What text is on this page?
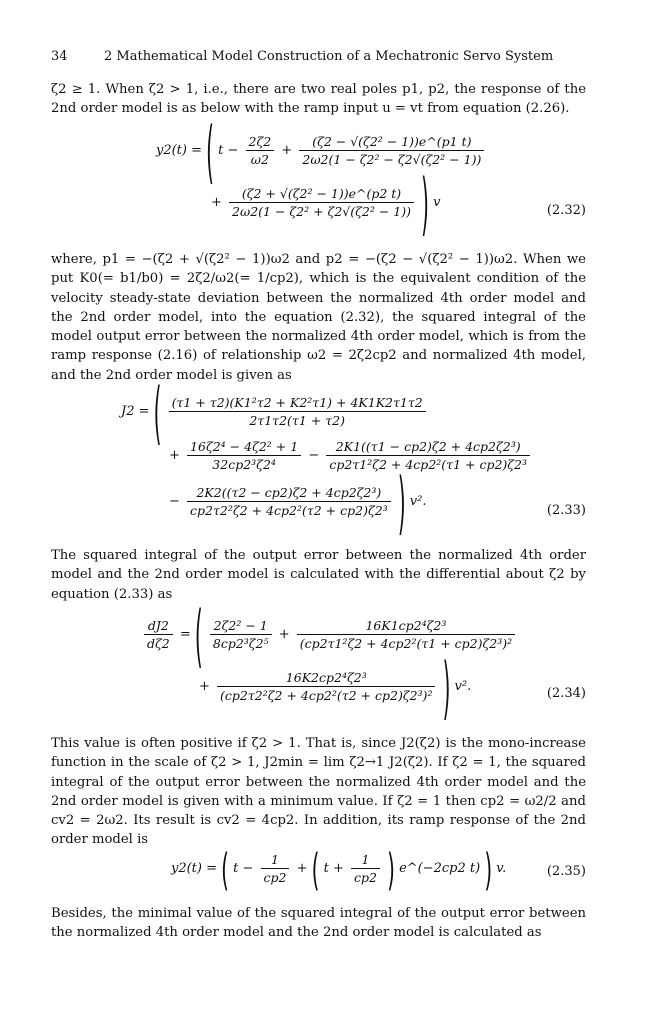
34	2 Mathematical Model Construction of a Mechatronic Servo System

ζ2 ≥ 1. When ζ2 > 1, i.e., there are two real poles p1, p2, the response of the 2nd order model is as below with the ramp input u = vt from equation (2.26).

y2(t) = ( $t - \frac{2\zeta 2}{\omega 2} + \frac{\text{(ζ2 − √(ζ2² − 1))e\textasciicircum{}(p1 t)}}{\text{2ω2(1 − ζ2² − ζ2√(ζ2² − 1))}}$
+ $\frac{\text{(ζ2 + √(ζ2² − 1))e\textasciicircum{}(p2 t)}}{\text{2ω2(1 − ζ2² + ζ2√(ζ2² − 1))}}$ ) v
(2.32)

where, p1 = −(ζ2 + √(ζ2² − 1))ω2 and p2 = −(ζ2 − √(ζ2² − 1))ω2. When we put K0(= b1/b0) = 2ζ2/ω2(= 1/cp2), which is the equivalent condition of the velocity steady-state deviation between the normalized 4th order model and the 2nd order model, into the equation (2.32), the squared integral of the model output error between the normalized 4th order model, which is from the ramp response (2.16) of relationship ω2 = 2ζ2cp2 and normalized 4th model, and the 2nd order model is given as

J2 = ( $\frac{\text{(τ1 + τ2)(K1²τ2 + K2²τ1) + 4K1K2τ1τ2}}{2\tau 1\tau 2(\tau 1 + \tau 2)}$
+ $\frac{\text{16ζ2⁴ − 4ζ2² + 1}}{\text{32cp2³ζ2⁴}} - \frac{\text{2K1((τ1 − cp2)ζ2 + 4cp2ζ2³)}}{\text{cp2τ1²ζ2 + 4cp2²(τ1 + cp2)ζ2³}}$
− $\frac{\text{2K2((τ2 − cp2)ζ2 + 4cp2ζ2³)}}{\text{cp2τ2²ζ2 + 4cp2²(τ2 + cp2)ζ2³}}$ ) v².
(2.33)

The squared integral of the output error between the normalized 4th order model and the 2nd order model is calculated with the differential about ζ2 by equation (2.33) as

$\frac{dJ2}{d\zeta 2}$ = ( $\frac{\text{2ζ2² − 1}}{\text{8cp2³ζ2⁵}} + \frac{\text{16K1cp2⁴ζ2³}}{\text{(cp2τ1²ζ2 + 4cp2²(τ1 + cp2)ζ2³)²}}$
+ $\frac{\text{16K2cp2⁴ζ2³}}{\text{(cp2τ2²ζ2 + 4cp2²(τ2 + cp2)ζ2³)²}}$ ) v².	(2.34)

This value is often positive if ζ2 > 1. That is, since J2(ζ2) is the mono-increase function in the scale of ζ2 > 1, J2min = lim ζ2→1 J2(ζ2). If ζ2 = 1, the squared integral of the output error between the normalized 4th order model and the 2nd order model is given with a minimum value. If ζ2 = 1 then cp2 = ω2/2 and cv2 = 2ω2. Its result is cv2 = 4cp2. In addition, its ramp response of the 2nd order model is

y2(t) = ( $t - \frac{1}{cp2}$ + ( $t + \frac{1}{cp2}$ ) e^(−2cp2 t) ) v.	(2.35)

Besides, the minimal value of the squared integral of the output error between the normalized 4th order model and the 2nd order model is calculated as
